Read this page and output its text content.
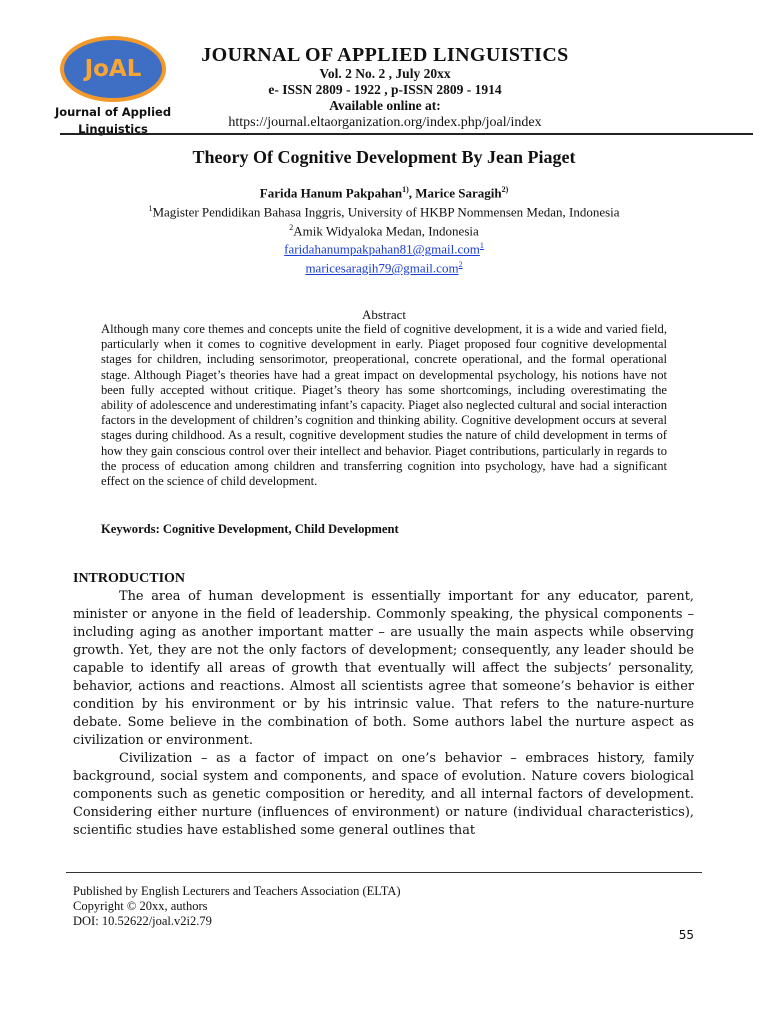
JoAL
Journal of Applied
Linguistics
JOURNAL OF APPLIED LINGUISTICS
Vol. 2 No. 2 , July 20xx
e- ISSN 2809 - 1922 , p-ISSN 2809 - 1914
Available online at:
https://journal.eltaorganization.org/index.php/joal/index
Theory Of Cognitive Development By Jean Piaget
Farida Hanum Pakpahan$^{1)}$, Marice Saragih$^{2)}$
$^1$Magister Pendidikan Bahasa Inggris, University of HKBP Nommensen Medan, Indonesia
$^2$Amik Widyaloka Medan, Indonesia
faridahanumpakpahan81@gmail.com$^1$
maricesaragih79@gmail.com$^2$
Abstract
Although many core themes and concepts unite the field of cognitive development, it is a wide and varied field, particularly when it comes to cognitive development in early. Piaget proposed four cognitive developmental stages for children, including sensorimotor, preoperational, concrete operational, and the formal operational stage. Although Piaget’s theories have had a great impact on developmental psychology, his notions have not been fully accepted without critique. Piaget’s theory has some shortcomings, including overestimating the ability of adolescence and underestimating infant’s capacity. Piaget also neglected cultural and social interaction factors in the development of children’s cognition and thinking ability. Cognitive development occurs at several stages during childhood. As a result, cognitive development studies the nature of child development in terms of how they gain conscious control over their intellect and behavior. Piaget contributions, particularly in regards to the process of education among children and transferring cognition into psychology, have had a significant effect on the science of child development.
Keywords: Cognitive Development, Child Development
INTRODUCTION

The area of human development is essentially important for any educator, parent, minister or anyone in the field of leadership. Commonly speaking, the physical components – including aging as another important matter – are usually the main aspects while observing growth. Yet, they are not the only factors of development; consequently, any leader should be capable to identify all areas of growth that eventually will affect the subjects’ personality, behavior, actions and reactions. Almost all scientists agree that someone’s behavior is either condition by his environment or by his intrinsic value. That refers to the nature-nurture debate. Some believe in the combination of both. Some authors label the nurture aspect as civilization or environment.

Civilization – as a factor of impact on one’s behavior – embraces history, family background, social system and components, and space of evolution. Nature covers biological components such as genetic composition or heredity, and all internal factors of development. Considering either nurture (influences of environment) or nature (individual characteristics), scientific studies have established some general outlines that

Published by English Lecturers and Teachers Association (ELTA)
Copyright © 20xx, authors
DOI: 10.52622/joal.v2i2.79
55
